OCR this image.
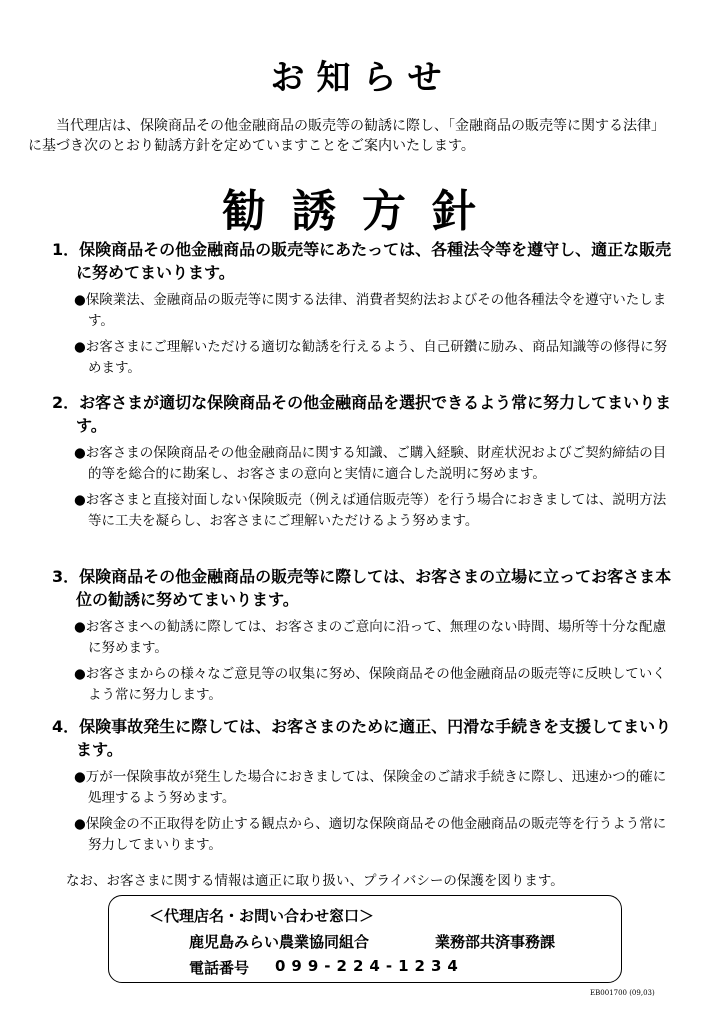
お知らせ
当代理店は、保険商品その他金融商品の販売等の勧誘に際し、「金融商品の販売等に関する法律」に基づき次のとおり勧誘方針を定めていますことをご案内いたします。
勧誘方針
1．保険商品その他金融商品の販売等にあたっては、各種法令等を遵守し、適正な販売に努めてまいります。
●保険業法、金融商品の販売等に関する法律、消費者契約法およびその他各種法令を遵守いたします。
●お客さまにご理解いただける適切な勧誘を行えるよう、自己研鑽に励み、商品知識等の修得に努めます。
2．お客さまが適切な保険商品その他金融商品を選択できるよう常に努力してまいります。
●お客さまの保険商品その他金融商品に関する知識、ご購入経験、財産状況およびご契約締結の目的等を総合的に勘案し、お客さまの意向と実情に適合した説明に努めます。
●お客さまと直接対面しない保険販売（例えば通信販売等）を行う場合におきましては、説明方法等に工夫を凝らし、お客さまにご理解いただけるよう努めます。
3．保険商品その他金融商品の販売等に際しては、お客さまの立場に立ってお客さま本位の勧誘に努めてまいります。
●お客さまへの勧誘に際しては、お客さまのご意向に沿って、無理のない時間、場所等十分な配慮に努めます。
●お客さまからの様々なご意見等の収集に努め、保険商品その他金融商品の販売等に反映していくよう常に努力します。
4．保険事故発生に際しては、お客さまのために適正、円滑な手続きを支援してまいります。
●万が一保険事故が発生した場合におきましては、保険金のご請求手続きに際し、迅速かつ的確に処理するよう努めます。
●保険金の不正取得を防止する観点から、適切な保険商品その他金融商品の販売等を行うよう常に努力してまいります。
なお、お客さまに関する情報は適正に取り扱い、プライバシーの保護を図ります。
＜代理店名・お問い合わせ窓口＞
鹿児島みらい農業協同組合	業務部共済事務課
電話番号 099-224-1234
EB001700 (09,03)
